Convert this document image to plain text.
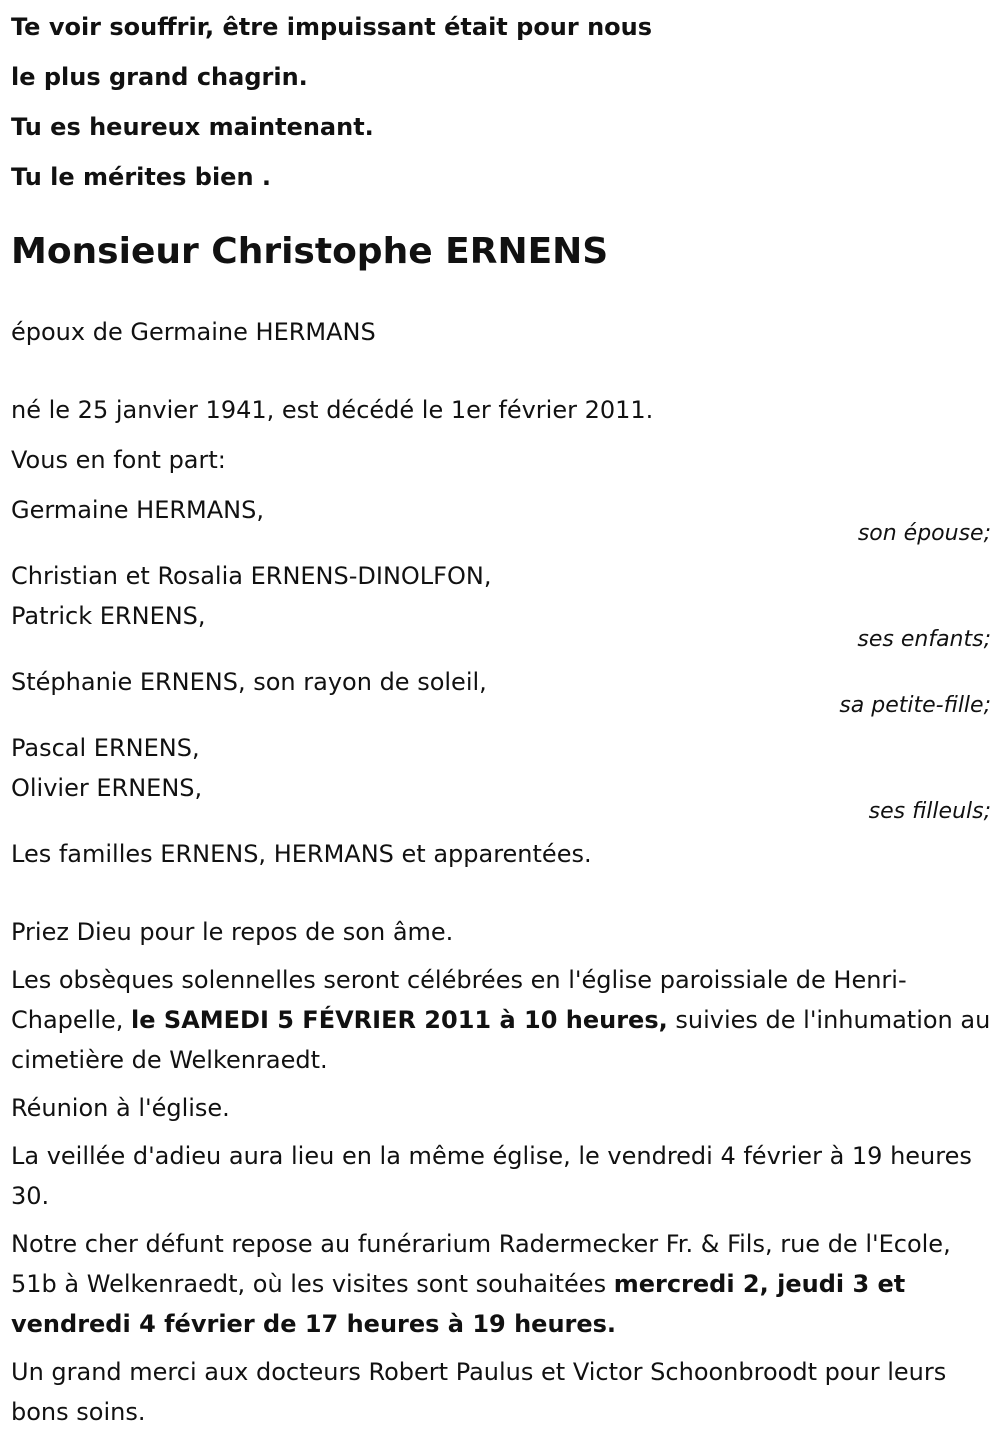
Te voir souffrir, être impuissant était pour nous

le plus grand chagrin.

Tu es heureux maintenant.

Tu le mérites bien .

Monsieur Christophe ERNENS

époux de Germaine HERMANS

né le 25 janvier 1941, est décédé le 1er février 2011.

Vous en font part:

Germaine HERMANS,
son épouse;
Christian et Rosalia ERNENS-DINOLFON,
Patrick ERNENS,
ses enfants;
Stéphanie ERNENS, son rayon de soleil,
sa petite-fille;
Pascal ERNENS,
Olivier ERNENS,
ses filleuls;

Les familles ERNENS, HERMANS et apparentées.

Priez Dieu pour le repos de son âme.

Les obsèques solennelles seront célébrées en l'église paroissiale de Henri-Chapelle, le SAMEDI 5 FÉVRIER 2011 à 10 heures, suivies de l'inhumation au cimetière de Welkenraedt.

Réunion à l'église.

La veillée d'adieu aura lieu en la même église, le vendredi 4 février à 19 heures 30.

Notre cher défunt repose au funérarium Radermecker Fr. & Fils, rue de l'Ecole, 51b à Welkenraedt, où les visites sont souhaitées mercredi 2, jeudi 3 et vendredi 4 février de 17 heures à 19 heures.

Un grand merci aux docteurs Robert Paulus et Victor Schoonbroodt pour leurs bons soins.
